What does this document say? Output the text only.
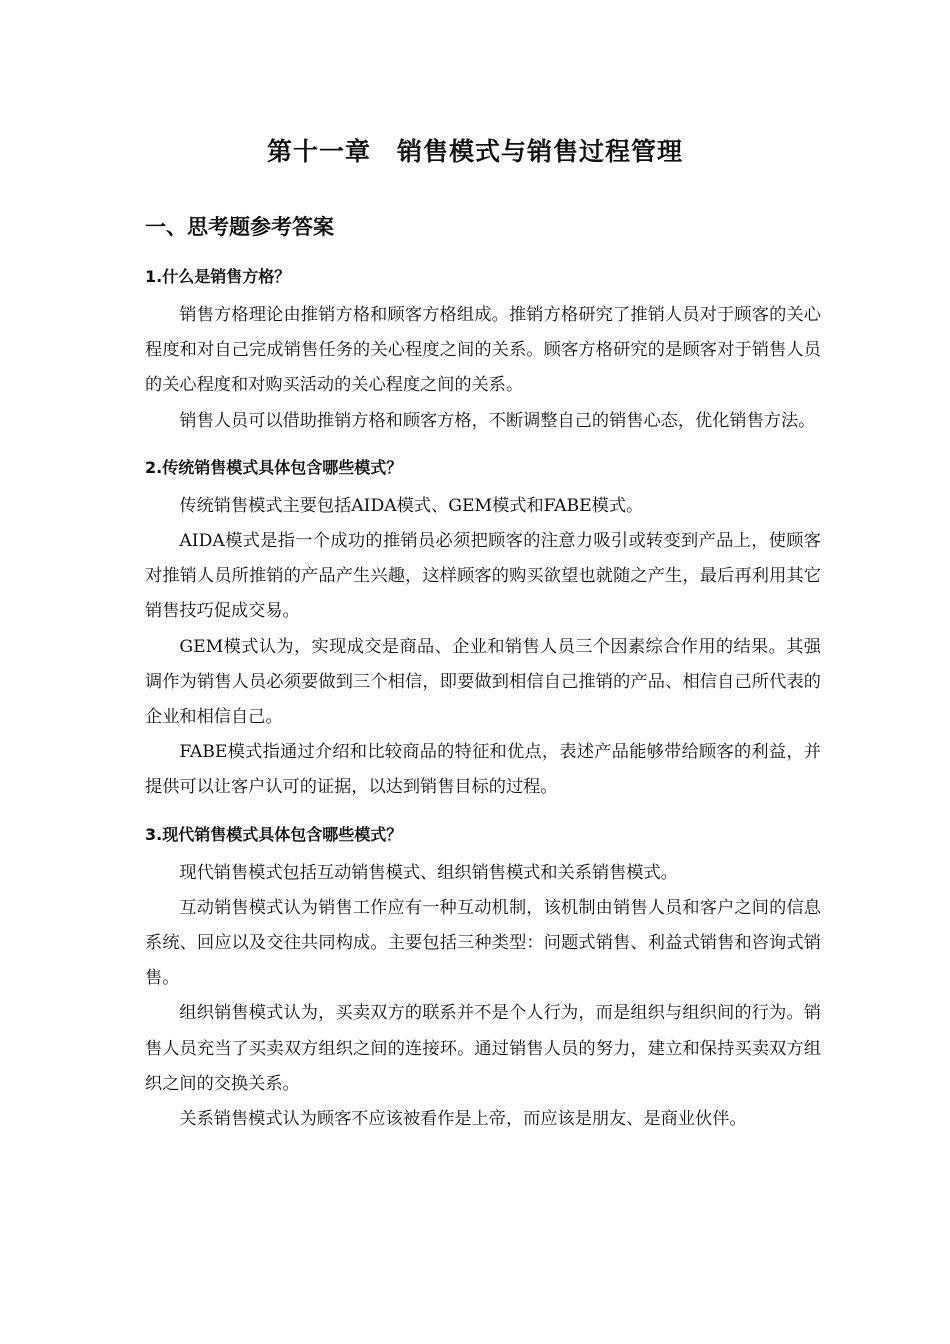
第十一章　销售模式与销售过程管理
一、思考题参考答案
1.什么是销售方格？

销售方格理论由推销方格和顾客方格组成。推销方格研究了推销人员对于顾客的关心程度和对自己完成销售任务的关心程度之间的关系。顾客方格研究的是顾客对于销售人员的关心程度和对购买活动的关心程度之间的关系。

销售人员可以借助推销方格和顾客方格，不断调整自己的销售心态，优化销售方法。

2.传统销售模式具体包含哪些模式？

传统销售模式主要包括AIDA模式、GEM模式和FABE模式。

AIDA模式是指一个成功的推销员必须把顾客的注意力吸引或转变到产品上，使顾客对推销人员所推销的产品产生兴趣，这样顾客的购买欲望也就随之产生，最后再利用其它销售技巧促成交易。

GEM模式认为，实现成交是商品、企业和销售人员三个因素综合作用的结果。其强调作为销售人员必须要做到三个相信，即要做到相信自己推销的产品、相信自己所代表的企业和相信自己。

FABE模式指通过介绍和比较商品的特征和优点，表述产品能够带给顾客的利益，并提供可以让客户认可的证据，以达到销售目标的过程。

3.现代销售模式具体包含哪些模式？

现代销售模式包括互动销售模式、组织销售模式和关系销售模式。

互动销售模式认为销售工作应有一种互动机制，该机制由销售人员和客户之间的信息系统、回应以及交往共同构成。主要包括三种类型：问题式销售、利益式销售和咨询式销售。

组织销售模式认为，买卖双方的联系并不是个人行为，而是组织与组织间的行为。销售人员充当了买卖双方组织之间的连接环。通过销售人员的努力，建立和保持买卖双方组织之间的交换关系。

关系销售模式认为顾客不应该被看作是上帝，而应该是朋友、是商业伙伴。
